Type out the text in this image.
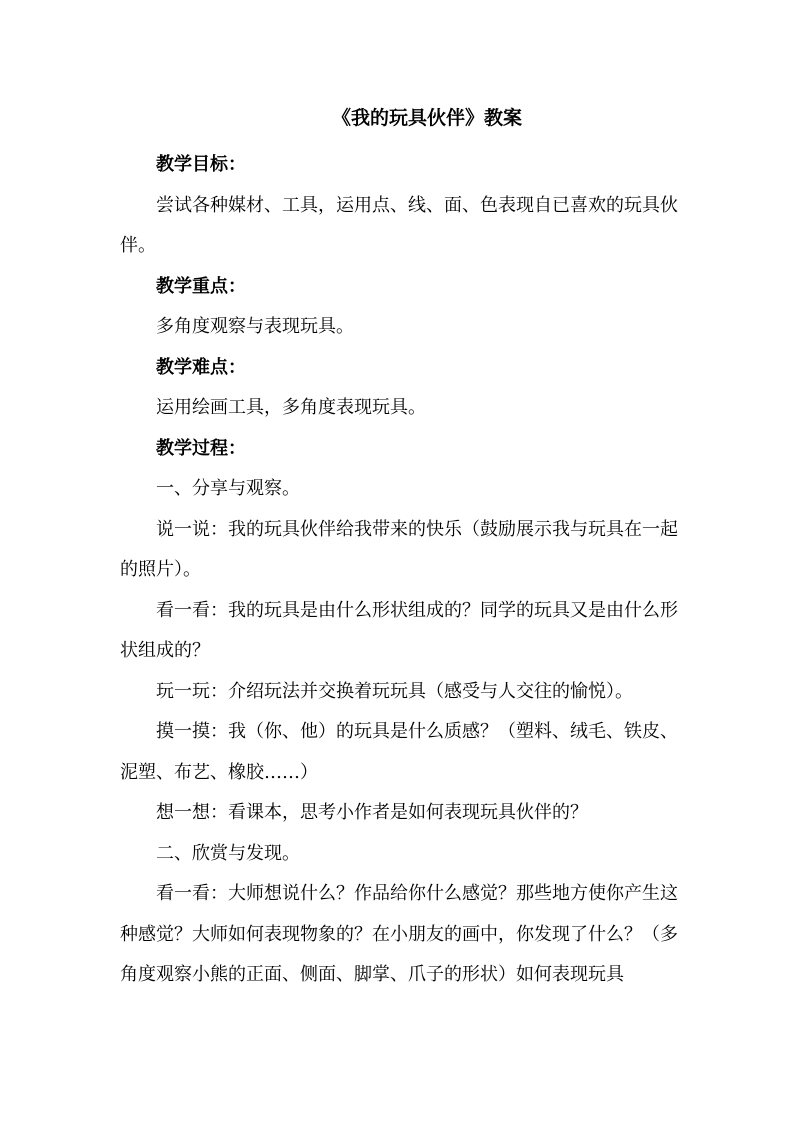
《我的玩具伙伴》教案

教学目标：

尝试各种媒材、工具，运用点、线、面、色表现自已喜欢的玩具伙伴。

教学重点：

多角度观察与表现玩具。

教学难点：

运用绘画工具，多角度表现玩具。

教学过程：

一、分享与观察。

说一说：我的玩具伙伴给我带来的快乐（鼓励展示我与玩具在一起的照片）。

看一看：我的玩具是由什么形状组成的？同学的玩具又是由什么形状组成的？

玩一玩：介绍玩法并交换着玩玩具（感受与人交往的愉悦）。

摸一摸：我（你、他）的玩具是什么质感？（塑料、绒毛、铁皮、泥塑、布艺、橡胶……）

想一想：看课本，思考小作者是如何表现玩具伙伴的？

二、欣赏与发现。

看一看：大师想说什么？作品给你什么感觉？那些地方使你产生这种感觉？大师如何表现物象的？在小朋友的画中，你发现了什么？（多角度观察小熊的正面、侧面、脚掌、爪子的形状）如何表现玩具
